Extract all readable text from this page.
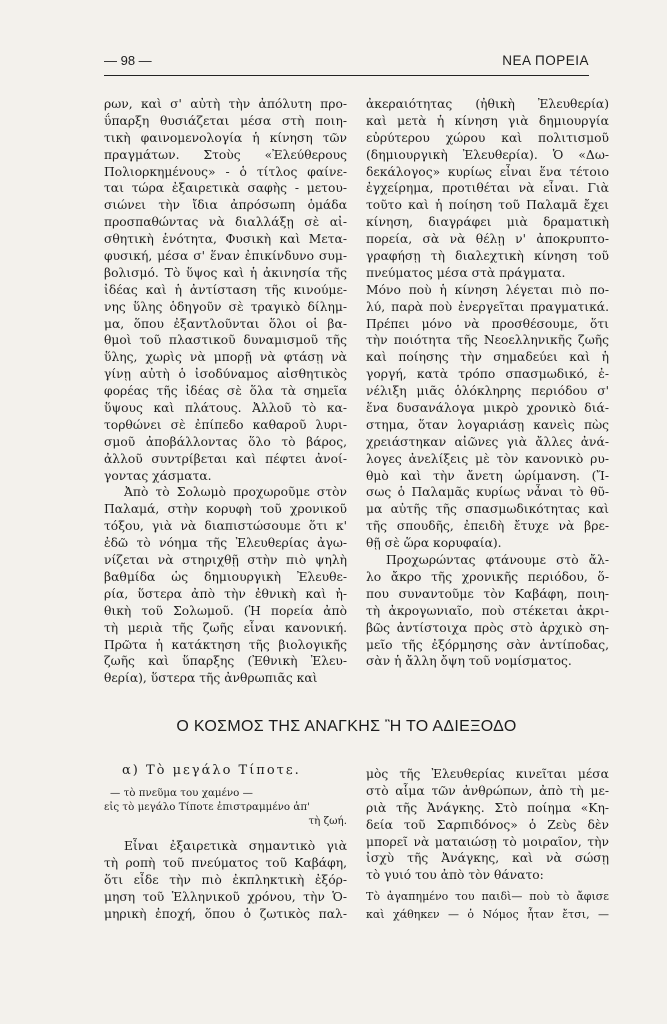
— 98 —	ΝΕΑ ΠΟΡΕΙΑ
ρων, καὶ σ' αὐτὴ τὴν ἀπόλυτη προ-
ΰπαρξη θυσιάζεται μέσα στὴ ποιη-
τικὴ φαινομενολογία ἡ κίνηση τῶν
πραγμάτων. Στοὺς «Ἐλεύθερους
Πολιορκημένους» - ὁ τίτλος φαίνε-
ται τώρα ἐξαιρετικὰ σαφὴς - μετου-
σιώνει τὴν ἴδια ἀπρόσωπη ὁμάδα
προσπαθώντας νὰ διαλλάξῃ σὲ αἰ-
σθητικὴ ἑνότητα, Φυσικὴ καὶ Μετα-
φυσική, μέσα σ' ἕναν ἐπικίνδυνο συμ-
βολισμό. Τὸ ὕψος καὶ ἡ ἀκινησία τῆς
ἰδέας καὶ ἡ ἀντίσταση τῆς κινούμε-
νης ὕλης ὁδηγοῦν σὲ τραγικὸ δίλημ-
μα, ὅπου ἐξαντλοῦνται ὅλοι οἱ βα-
θμοὶ τοῦ πλαστικοῦ δυναμισμοῦ τῆς
ὕλης, χωρὶς νὰ μπορῇ νὰ φτάσῃ νὰ
γίνῃ αὐτὴ ὁ ἰσοδύναμος αἰσθητικὸς
φορέας τῆς ἰδέας σὲ ὅλα τὰ σημεῖα
ὕψους καὶ πλάτους. Ἀλλοῦ τὸ κα-
τορθώνει σὲ ἐπίπεδο καθαροῦ λυρι-
σμοῦ ἀποβάλλοντας ὅλο τὸ βάρος,
ἀλλοῦ συντρίβεται καὶ πέφτει ἀνοί-
γοντας χάσματα.
Ἀπὸ τὸ Σολωμὸ προχωροῦμε στὸν
Παλαμά, στὴν κορυφὴ τοῦ χρονικοῦ
τόξου, γιὰ νὰ διαπιστώσουμε ὅτι κ'
ἐδῶ τὸ νόημα τῆς Ἐλευθερίας ἀγω-
νίζεται νὰ στηριχθῇ στὴν πιὸ ψηλὴ
βαθμίδα ὡς δημιουργικὴ Ἐλευθε-
ρία, ὕστερα ἀπὸ τὴν ἐθνικὴ καὶ ἠ-
θικὴ τοῦ Σολωμοῦ. (Ἡ πορεία ἀπὸ
τὴ μεριὰ τῆς ζωῆς εἶναι κανονική.
Πρῶτα ἡ κατάκτηση τῆς βιολογικῆς
ζωῆς καὶ ὕπαρξης (Ἐθνικὴ Ἐλευ-
θερία), ὕστερα τῆς ἀνθρωπιᾶς καὶ
ἀκεραιότητας (ἠθικὴ Ἐλευθερία)
καὶ μετὰ ἡ κίνηση γιὰ δημιουργία
εὐρύτερου χώρου καὶ πολιτισμοῦ
(δημιουργικὴ Ἐλευθερία). Ὁ «Δω-
δεκάλογος» κυρίως εἶναι ἕνα τέτοιο
ἐγχείρημα, προτιθέται νὰ εἶναι. Γιὰ
τοῦτο καὶ ἡ ποίηση τοῦ Παλαμᾶ ἔχει
κίνηση, διαγράφει μιὰ δραματικὴ
πορεία, σὰ νὰ θέλῃ ν' ἀποκρυπτο-
γραφήσῃ τὴ διαλεχτικὴ κίνηση τοῦ
πνεύματος μέσα στὰ πράγματα.
Μόνο ποὺ ἡ κίνηση λέγεται πιὸ πο-
λύ, παρὰ ποὺ ἐνεργεῖται πραγματικά.
Πρέπει μόνο νὰ προσθέσουμε, ὅτι
τὴν ποιότητα τῆς Νεοελληνικῆς ζωῆς
καὶ ποίησης τὴν σημαδεύει καὶ ἡ
γοργή, κατὰ τρόπο σπασμωδικό, ἐ-
νέλιξη μιᾶς ὁλόκληρης περιόδου σ'
ἕνα δυσανάλογα μικρὸ χρονικὸ διά-
στημα, ὅταν λογαριάσῃ κανεὶς πὼς
χρειάστηκαν αἰῶνες γιὰ ἄλλες ἀνά-
λογες ἀνελίξεις μὲ τὸν κανονικὸ ρυ-
θμὸ καὶ τὴν ἄνετη ὡρίμανση. (Ἴ-
σως ὁ Παλαμᾶς κυρίως νἆναι τὸ θῦ-
μα αὐτῆς τῆς σπασμωδικότητας καὶ
τῆς σπουδῆς, ἐπειδὴ ἔτυχε νὰ βρε-
θῇ σὲ ὥρα κορυφαία).
Προχωρώντας φτάνουμε στὸ ἄλ-
λο ἄκρο τῆς χρονικῆς περιόδου, ὅ-
που συναντοῦμε τὸν Καβάφη, ποιη-
τὴ ἀκρογωνιαῖο, ποὺ στέκεται ἀκρι-
βῶς ἀντίστοιχα πρὸς στὸ ἀρχικὸ ση-
μεῖο τῆς ἐξόρμησης σὰν ἀντίποδας,
σὰν ἡ ἄλλη ὄψη τοῦ νομίσματος.
Ο ΚΟΣΜΟΣ ΤΗΣ ΑΝΑΓΚΗΣ Ἢ ΤΟ ΑΔΙΕΞΟΔΟ
α) Τὸ μεγάλο Τίποτε.
— τὸ πνεῦμα του χαμένο —
εἰς τὸ μεγάλο Τίποτε ἐπιστραμμένο ἀπ'
τὴ ζωή.
Εἶναι ἐξαιρετικὰ σημαντικὸ γιὰ
τὴ ροπὴ τοῦ πνεύματος τοῦ Καβάφη,
ὅτι εἶδε τὴν πιὸ ἐκπληκτικὴ ἐξόρ-
μηση τοῦ Ἑλληνικοῦ χρόνου, τὴν Ὁ-
μηρικὴ ἐποχή, ὅπου ὁ ζωτικὸς παλ-
μὸς τῆς Ἐλευθερίας κινεῖται μέσα
στὸ αἷμα τῶν ἀνθρώπων, ἀπὸ τὴ με-
ριὰ τῆς Ἀνάγκης. Στὸ ποίημα «Κη-
δεία τοῦ Σαρπιδόνος» ὁ Ζεὺς δὲν
μπορεῖ νὰ ματαιώσῃ τὸ μοιραῖον, τὴν
ἰσχὺ τῆς Ἀνάγκης, καὶ νὰ σώσῃ
τὸ γυιό του ἀπὸ τὸν θάνατο:
Τὸ ἀγαπημένο του παιδὶ— ποὺ τὸ ἄφισε
καὶ χάθηκεν — ὁ Νόμος ἦταν ἔτσι, —
